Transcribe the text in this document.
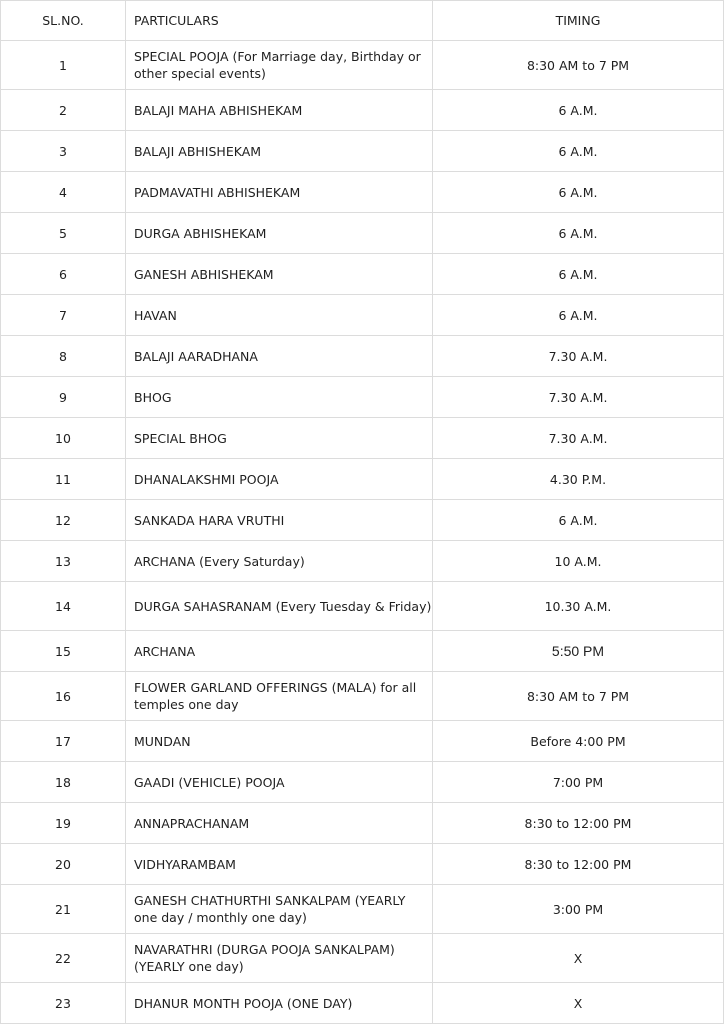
SL.NO.	PARTICULARS	TIMING
1	SPECIAL POOJA (For Marriage day, Birthday or other special events)	8:30 AM to 7 PM
2	BALAJI MAHA ABHISHEKAM	6 A.M.
3	BALAJI ABHISHEKAM	6 A.M.
4	PADMAVATHI ABHISHEKAM	6 A.M.
5	DURGA ABHISHEKAM	6 A.M.
6	GANESH ABHISHEKAM	6 A.M.
7	HAVAN	6 A.M.
8	BALAJI AARADHANA	7.30 A.M.
9	BHOG	7.30 A.M.
10	SPECIAL BHOG	7.30 A.M.
11	DHANALAKSHMI POOJA	4.30 P.M.
12	SANKADA HARA VRUTHI	6 A.M.
13	ARCHANA (Every Saturday)	10 A.M.
14	DURGA SAHASRANAM (Every Tuesday & Friday)	10.30 A.M.
15	ARCHANA	5:50 PM
16	FLOWER GARLAND OFFERINGS (MALA) for all temples one day	8:30 AM to 7 PM
17	MUNDAN	Before 4:00 PM
18	GAADI (VEHICLE) POOJA	7:00 PM
19	ANNAPRACHANAM	8:30 to 12:00 PM
20	VIDHYARAMBAM	8:30 to 12:00 PM
21	GANESH CHATHURTHI SANKALPAM (YEARLY one day / monthly one day)	3:00 PM
22	NAVARATHRI (DURGA POOJA SANKALPAM) (YEARLY one day)	X
23	DHANUR MONTH POOJA (ONE DAY)	X
